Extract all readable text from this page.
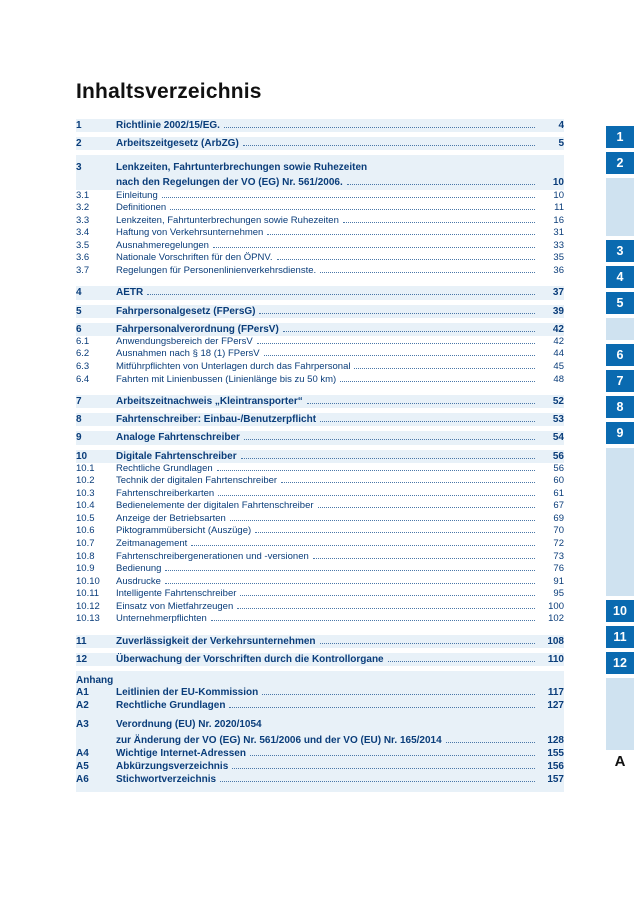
Inhaltsverzeichnis
1	Richtlinie 2002/15/EG.	4
2	Arbeitszeitgesetz (ArbZG)	5
3	Lenkzeiten, Fahrtunterbrechungen sowie Ruhezeiten
nach den Regelungen der VO (EG) Nr. 561/2006.	10
3.1	Einleitung	10
3.2	Definitionen	11
3.3	Lenkzeiten, Fahrtunterbrechungen sowie Ruhezeiten	16
3.4	Haftung von Verkehrsunternehmen	31
3.5	Ausnahmeregelungen	33
3.6	Nationale Vorschriften für den ÖPNV.	35
3.7	Regelungen für Personenlinienverkehrsdienste.	36
4	AETR	37
5	Fahrpersonalgesetz (FPersG)	39
6	Fahrpersonalverordnung (FPersV)	42
6.1	Anwendungsbereich der FPersV	42
6.2	Ausnahmen nach § 18 (1) FPersV	44
6.3	Mitführpflichten von Unterlagen durch das Fahrpersonal	45
6.4	Fahrten mit Linienbussen (Linienlänge bis zu 50 km)	48
7	Arbeitszeitnachweis „Kleintransporter“	52
8	Fahrtenschreiber: Einbau-/Benutzerpflicht	53
9	Analoge Fahrtenschreiber	54
10	Digitale Fahrtenschreiber	56
10.1	Rechtliche Grundlagen	56
10.2	Technik der digitalen Fahrtenschreiber	60
10.3	Fahrtenschreiberkarten	61
10.4	Bedienelemente der digitalen Fahrtenschreiber	67
10.5	Anzeige der Betriebsarten	69
10.6	Piktogrammübersicht (Auszüge)	70
10.7	Zeitmanagement	72
10.8	Fahrtenschreibergenerationen und -versionen	73
10.9	Bedienung	76
10.10	Ausdrucke	91
10.11	Intelligente Fahrtenschreiber	95
10.12	Einsatz von Mietfahrzeugen	100
10.13	Unternehmerpflichten	102
11	Zuverlässigkeit der Verkehrsunternehmen	108
12	Überwachung der Vorschriften durch die Kontrollorgane	110
Anhang
A1	Leitlinien der EU-Kommission	117
A2	Rechtliche Grundlagen	127
A3	Verordnung (EU) Nr. 2020/1054
zur Änderung der VO (EG) Nr. 561/2006 und der VO (EU) Nr. 165/2014	128
A4	Wichtige Internet-Adressen	155
A5	Abkürzungsverzeichnis	156
A6	Stichwortverzeichnis	157
1
2
3
4
5
6
7
8
9
10
11
12
A
